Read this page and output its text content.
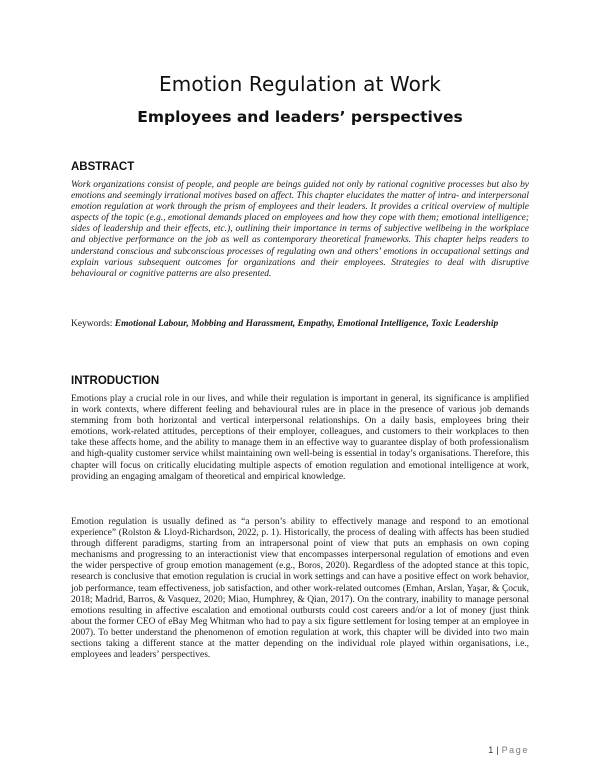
Emotion Regulation at Work
Employees and leaders’ perspectives
ABSTRACT

Work organizations consist of people, and people are beings guided not only by rational cognitive processes but also by emotions and seemingly irrational motives based on affect. This chapter elucidates the matter of intra- and interpersonal emotion regulation at work through the prism of employees and their leaders. It provides a critical overview of multiple aspects of the topic (e.g., emotional demands placed on employees and how they cope with them; emotional intelligence; sides of leadership and their effects, etc.), outlining their importance in terms of subjective wellbeing in the workplace and objective performance on the job as well as contemporary theoretical frameworks. This chapter helps readers to understand conscious and subconscious processes of regulating own and others’ emotions in occupational settings and explain various subsequent outcomes for organizations and their employees. Strategies to deal with disruptive behavioural or cognitive patterns are also presented.

Keywords: Emotional Labour, Mobbing and Harassment, Empathy, Emotional Intelligence, Toxic Leadership

INTRODUCTION

Emotions play a crucial role in our lives, and while their regulation is important in general, its significance is amplified in work contexts, where different feeling and behavioural rules are in place in the presence of various job demands stemming from both horizontal and vertical interpersonal relationships. On a daily basis, employees bring their emotions, work-related attitudes, perceptions of their employer, colleagues, and customers to their workplaces to then take these affects home, and the ability to manage them in an effective way to guarantee display of both professionalism and high-quality customer service whilst maintaining own well-being is essential in today’s organisations. Therefore, this chapter will focus on critically elucidating multiple aspects of emotion regulation and emotional intelligence at work, providing an engaging amalgam of theoretical and empirical knowledge.

Emotion regulation is usually defined as “a person’s ability to effectively manage and respond to an emotional experience” (Rolston & Lloyd-Richardson, 2022, p. 1). Historically, the process of dealing with affects has been studied through different paradigms, starting from an intrapersonal point of view that puts an emphasis on own coping mechanisms and progressing to an interactionist view that encompasses interpersonal regulation of emotions and even the wider perspective of group emotion management (e.g., Boros, 2020). Regardless of the adopted stance at this topic, research is conclusive that emotion regulation is crucial in work settings and can have a positive effect on work behavior, job performance, team effectiveness, job satisfaction, and other work-related outcomes (Emhan, Arslan, Yaşar, & Çocuk, 2018; Madrid, Barros, & Vasquez, 2020; Miao, Humphrey, & Qian, 2017). On the contrary, inability to manage personal emotions resulting in affective escalation and emotional outbursts could cost careers and/or a lot of money (just think about the former CEO of eBay Meg Whitman who had to pay a six figure settlement for losing temper at an employee in 2007). To better understand the phenomenon of emotion regulation at work, this chapter will be divided into two main sections taking a different stance at the matter depending on the individual role played within organisations, i.e., employees and leaders’ perspectives.

1 | Page
